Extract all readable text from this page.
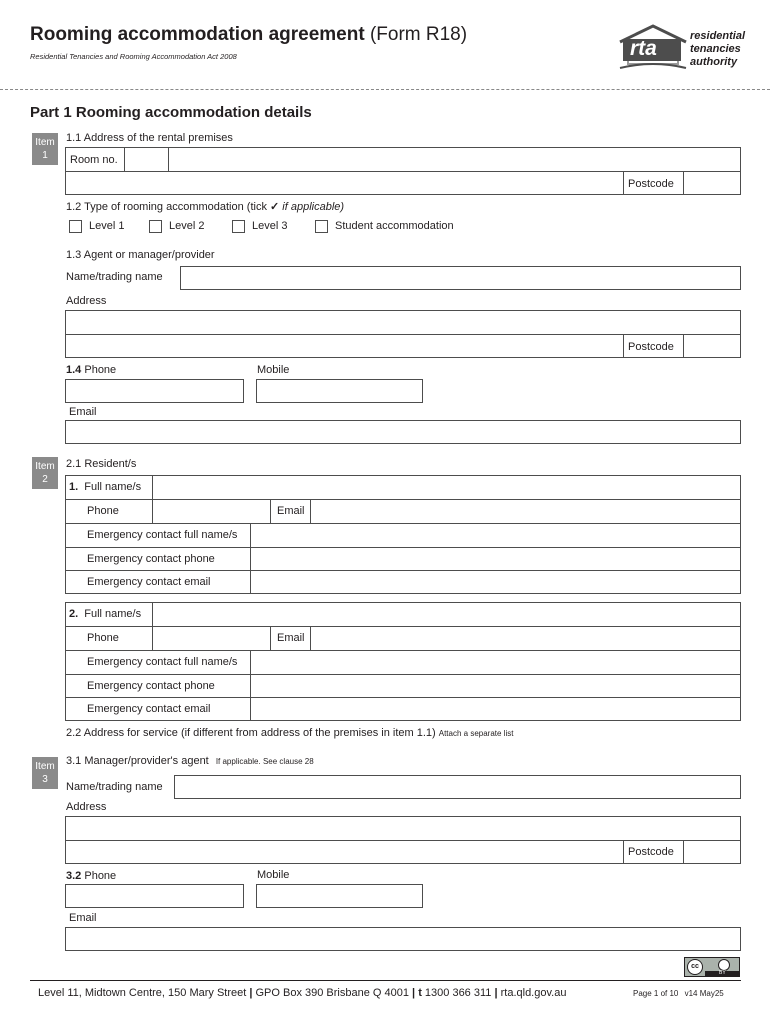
Rooming accommodation agreement (Form R18)
Residential Tenancies and Rooming Accommodation Act 2008	rta
residential
tenancies
authority
Part 1 Rooming accommodation details
Item
1
1.1 Address of the rental premises
Room no.
Postcode
1.2 Type of rooming accommodation (tick ✓ if applicable)
Level 1	Level 2	Level 3	Student accommodation
1.3 Agent or manager/provider
Name/trading name
Address
Postcode
1.4 Phone	Mobile
Email
Item
2
2.1 Resident/s
1. Full name/s
Phone	Email
Emergency contact full name/s
Emergency contact phone
Emergency contact email
2. Full name/s
Phone	Email
Emergency contact full name/s
Emergency contact phone
Emergency contact email
2.2 Address for service (if different from address of the premises in item 1.1) Attach a separate list
Item
3
3.1 Manager/provider's agent If applicable. See clause 28
Name/trading name
Address
Postcode
3.2 Phone	Mobile
Email
cc
BY
Level 11, Midtown Centre, 150 Mary Street | GPO Box 390 Brisbane Q 4001 | t 1300 366 311 | rta.qld.gov.au	Page 1 of 10 v14 May25
